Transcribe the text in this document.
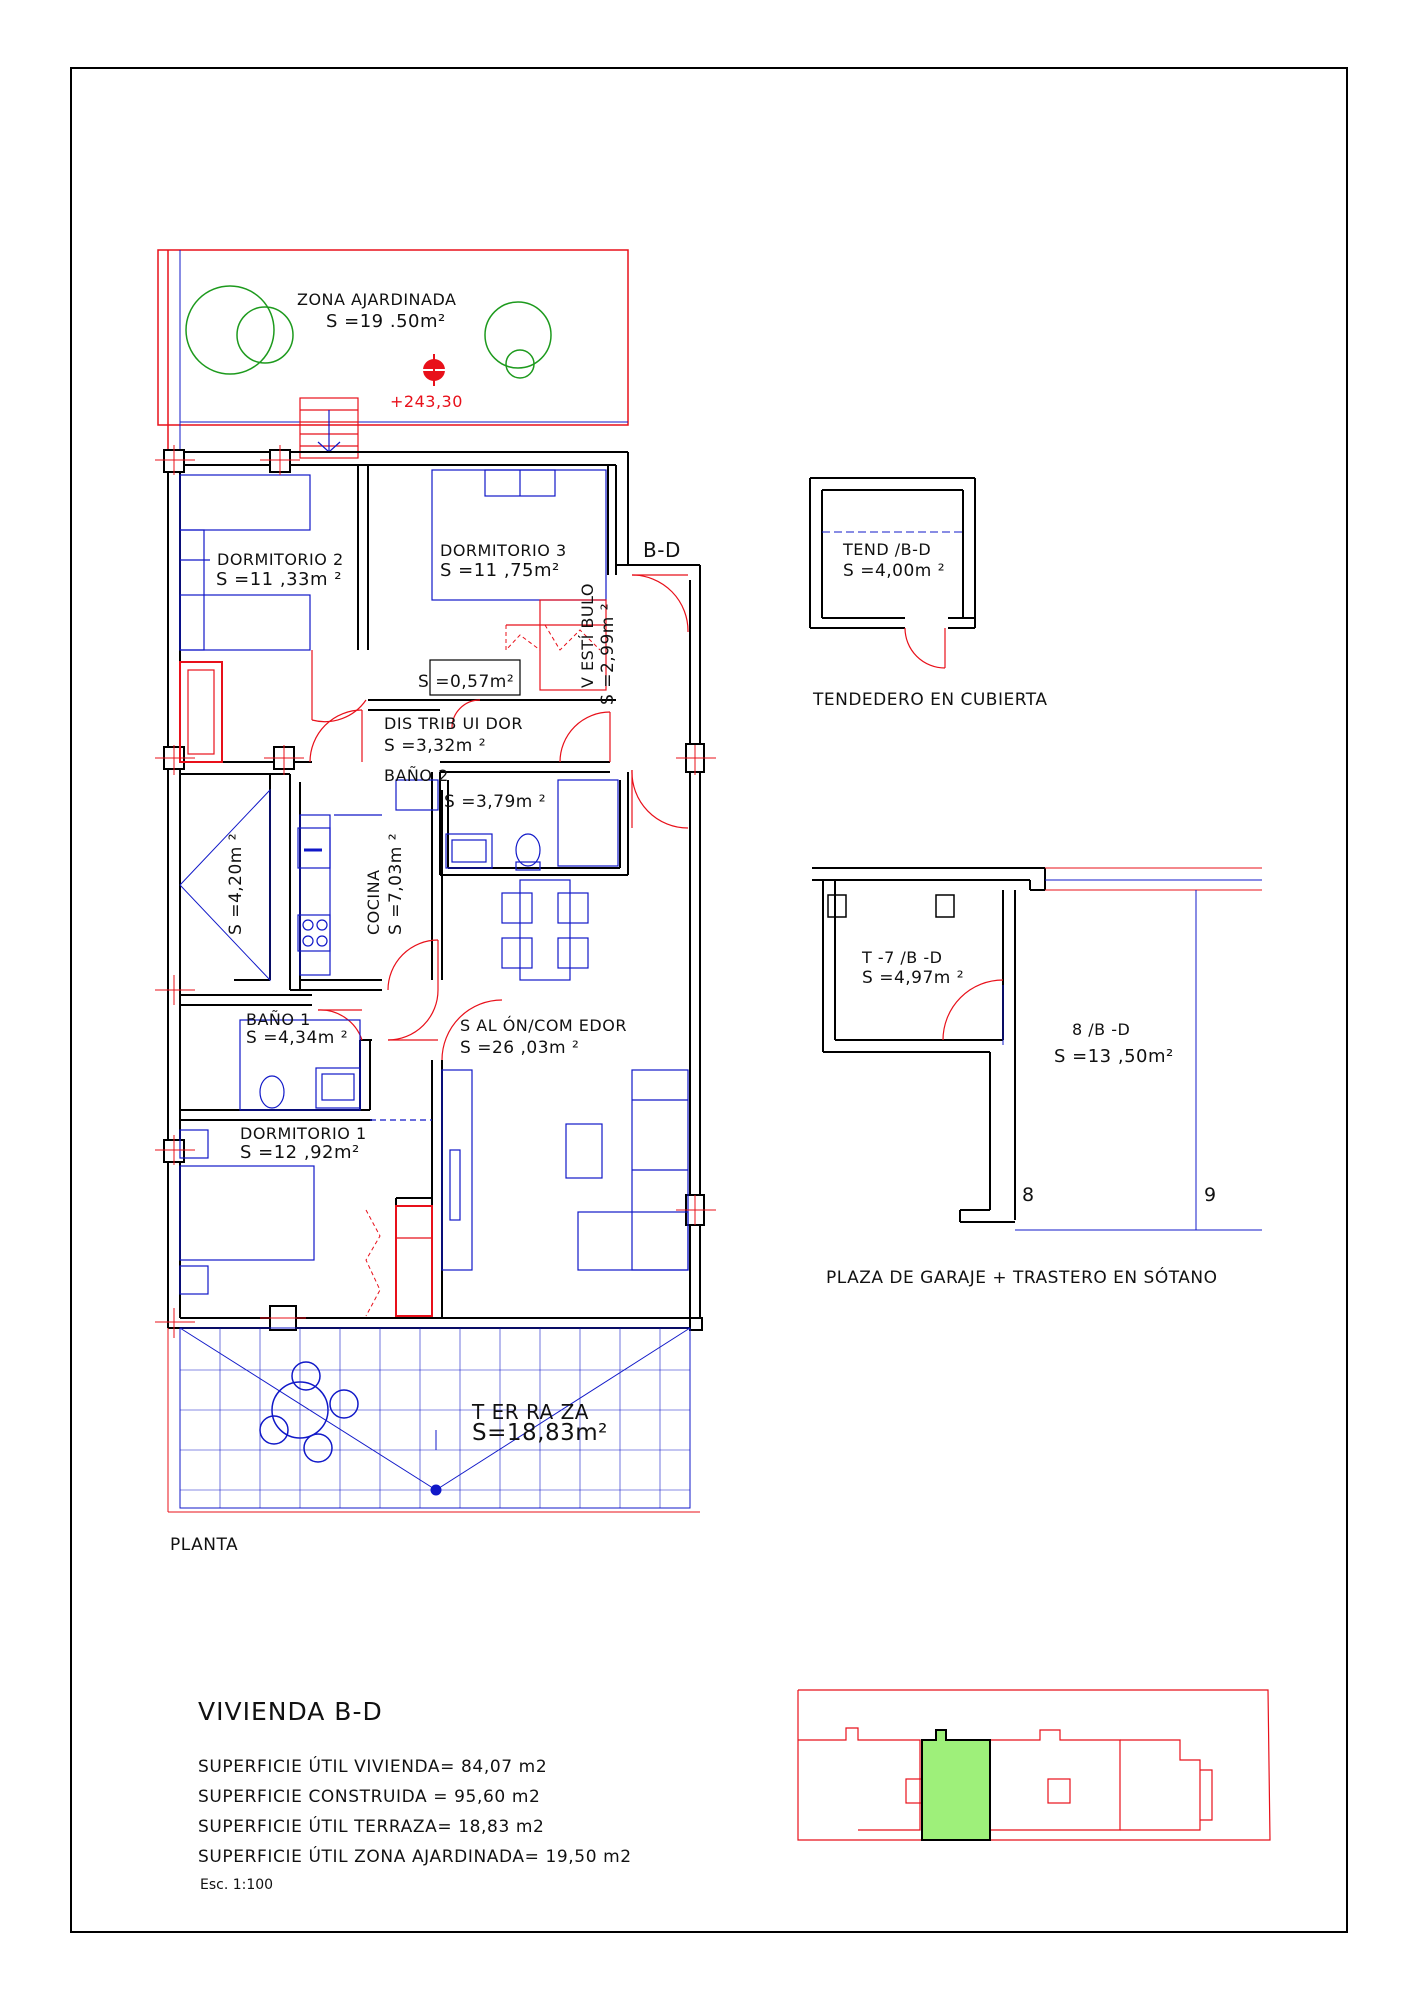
ZONA AJARDINADA
S =19 .50m²
+243,30
DORMITORIO 2
S =11 ,33m ²
DORMITORIO 3
S =11 ,75m²
B-D
S =0,57m²	V ESTÍ BULO S =2,99m ²
DIS TRIB UI DOR
S =3,32m ²
BAÑO 2
S =3,79m ²
S =4,20m ²	COCINA S =7,03m ²
BAÑO 1
S =4,34m ²
S AL ÓN/COM EDOR
S =26 ,03m ²
DORMITORIO 1
S =12 ,92m²
T ER RA ZA
S=18,83m²
PLANTA
TEND /B-D
S =4,00m ²
TENDEDERO EN CUBIERTA
T -7 /B -D
S =4,97m ²
8 /B -D
S =13 ,50m²
8	9
PLAZA DE GARAJE + TRASTERO EN SÓTANO
VIVIENDA B-D
SUPERFICIE ÚTIL VIVIENDA= 84,07 m2
SUPERFICIE CONSTRUIDA = 95,60 m2
SUPERFICIE ÚTIL TERRAZA= 18,83 m2
SUPERFICIE ÚTIL ZONA AJARDINADA= 19,50 m2
Esc. 1:100
